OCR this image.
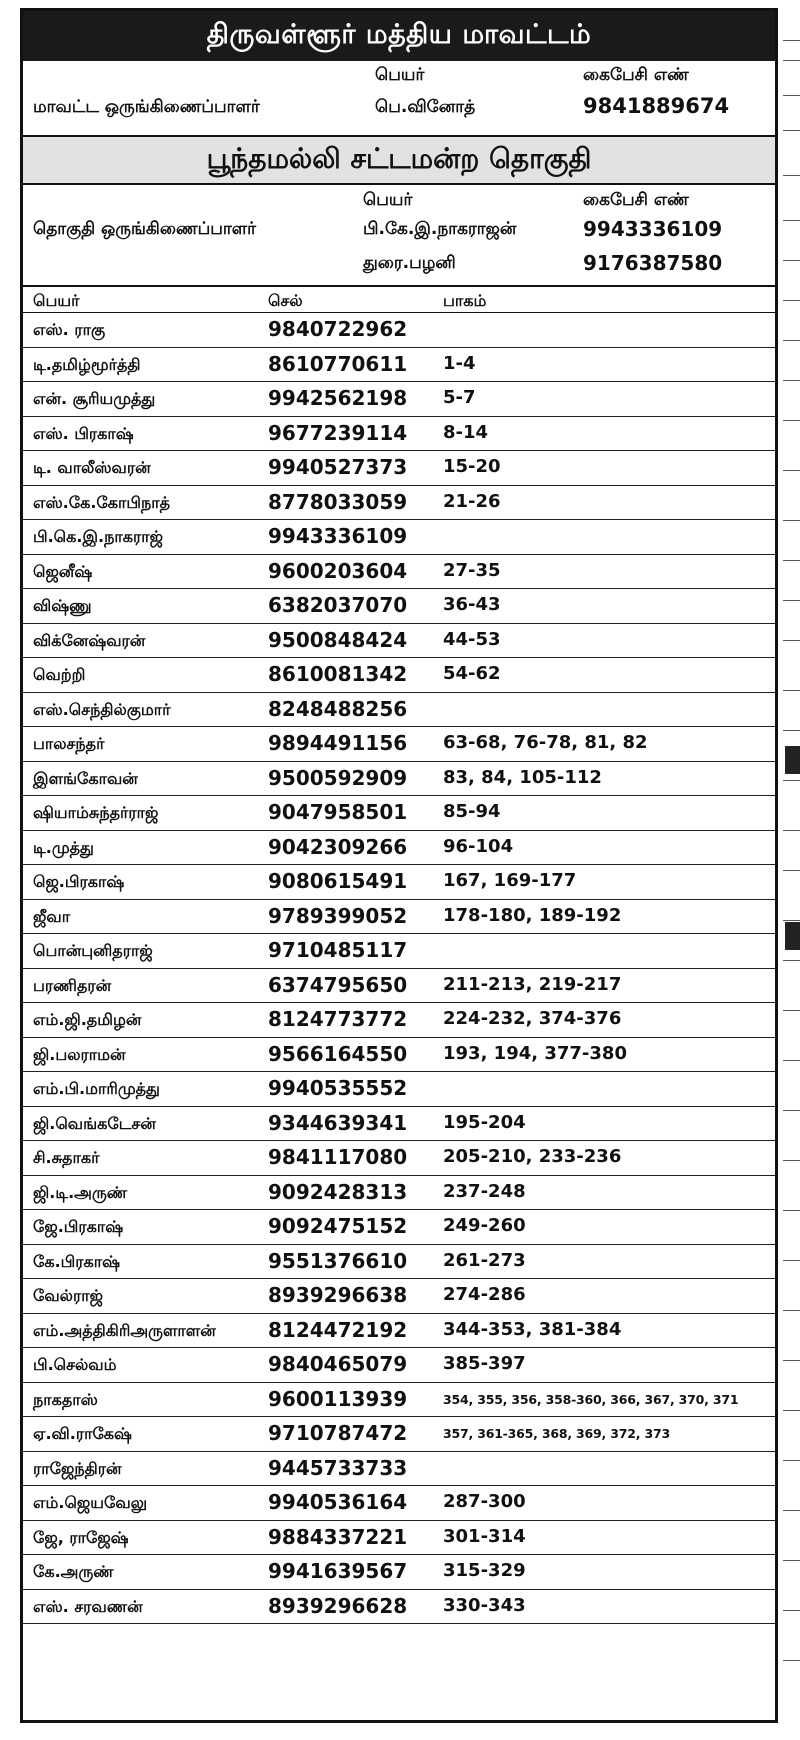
திருவள்ளூர் மத்திய மாவட்டம்
பெயர்	கைபேசி எண்
மாவட்ட ஒருங்கிணைப்பாளர்	பெ.வினோத்	9841889674
பூந்தமல்லி சட்டமன்ற தொகுதி
பெயர்	கைபேசி எண்
தொகுதி ஒருங்கிணைப்பாளர்	பி.கே.இ.நாகராஜன்	9943336109
துரை.பழனி	9176387580
பெயர்	செல்	பாகம்
எஸ். ராகு	9840722962
டி.தமிழ்மூர்த்தி	8610770611 1-4
என். சூரியமுத்து	9942562198 5-7
எஸ். பிரகாஷ்	9677239114 8-14
டி. வாலீஸ்வரன்	9940527373 15-20
எஸ்.கே.கோபிநாத்	8778033059 21-26
பி.கெ.இ.நாகராஜ்	9943336109
ஜெனீஷ்	9600203604 27-35
விஷ்ணு	6382037070 36-43
விக்னேஷ்வரன்	9500848424 44-53
வெற்றி	8610081342 54-62
எஸ்.செந்தில்குமார்	8248488256
பாலசந்தர்	9894491156 63-68, 76-78, 81, 82
இளங்கோவன்	9500592909 83, 84, 105-112
ஷியாம்சுந்தர்ராஜ்	9047958501 85-94
டி.முத்து	9042309266 96-104
ஜெ.பிரகாஷ்	9080615491 167, 169-177
ஜீவா	9789399052 178-180, 189-192
பொன்புனிதராஜ்	9710485117
பரணிதரன்	6374795650 211-213, 219-217
எம்.ஜி.தமிழன்	8124773772 224-232, 374-376
ஜி.பலராமன்	9566164550 193, 194, 377-380
எம்.பி.மாரிமுத்து	9940535552
ஜி.வெங்கடேசன்	9344639341 195-204
சி.சுதாகர்	9841117080 205-210, 233-236
ஜி.டி.அருண்	9092428313 237-248
ஜே.பிரகாஷ்	9092475152 249-260
கே.பிரகாஷ்	9551376610 261-273
வேல்ராஜ்	8939296638 274-286
எம்.அத்திகிரிஅருளாளன்	8124472192 344-353, 381-384
பி.செல்வம்	9840465079 385-397
நாகதாஸ்	9600113939	354, 355, 356, 358-360, 366, 367, 370, 371
ஏ.வி.ராகேஷ்	9710787472	357, 361-365, 368, 369, 372, 373
ராஜேந்திரன்	9445733733
எம்.ஜெயவேலு	9940536164 287-300
ஜே, ராஜேஷ்	9884337221 301-314
கே.அருண்	9941639567 315-329
எஸ். சரவணன்	8939296628 330-343
